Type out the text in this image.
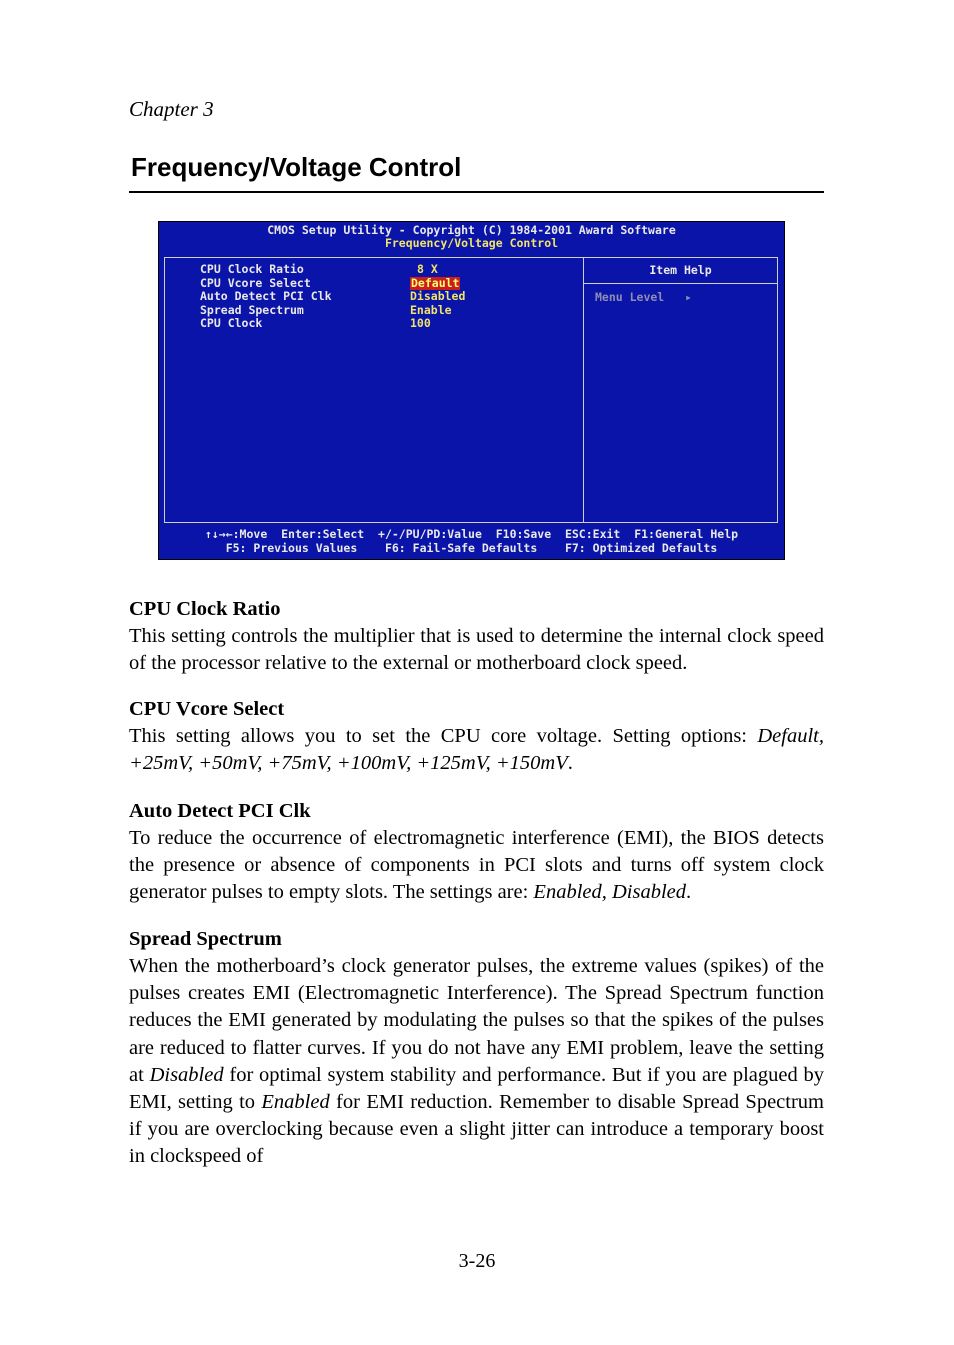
Chapter 3
Frequency/Voltage Control
CMOS Setup Utility - Copyright (C) 1984-2001 Award Software
Frequency/Voltage Control
Item Help
Menu Level   ▸
CPU Clock Ratio	8 X
CPU Vcore Select	Default
Auto Detect PCI Clk	Disabled
Spread Spectrum	Enable
CPU Clock	100
↑↓→←:Move  Enter:Select  +/-/PU/PD:Value  F10:Save  ESC:Exit  F1:General Help
F5: Previous Values    F6: Fail-Safe Defaults    F7: Optimized Defaults
CPU Clock Ratio

This setting controls the multiplier that is used to determine the internal clock speed of the processor relative to the external or motherboard clock speed.

CPU Vcore Select

This setting allows you to set the CPU core voltage. Setting options: Default, +25mV, +50mV, +75mV, +100mV, +125mV, +150mV.

Auto Detect PCI Clk

To reduce the occurrence of electromagnetic interference (EMI), the BIOS detects the presence or absence of components in PCI slots and turns off system clock generator pulses to empty slots. The settings are: Enabled, Disabled.

Spread Spectrum

When the motherboard’s clock generator pulses, the extreme values (spikes) of the pulses creates EMI (Electromagnetic Interference). The Spread Spectrum function reduces the EMI generated by modulating the pulses so that the spikes of the pulses are reduced to flatter curves. If you do not have any EMI problem, leave the setting at Disabled for optimal system stability and performance. But if you are plagued by EMI, setting to Enabled for EMI reduction. Remember to disable Spread Spectrum if you are overclocking because even a slight jitter can introduce a temporary boost in clockspeed of

3-26
